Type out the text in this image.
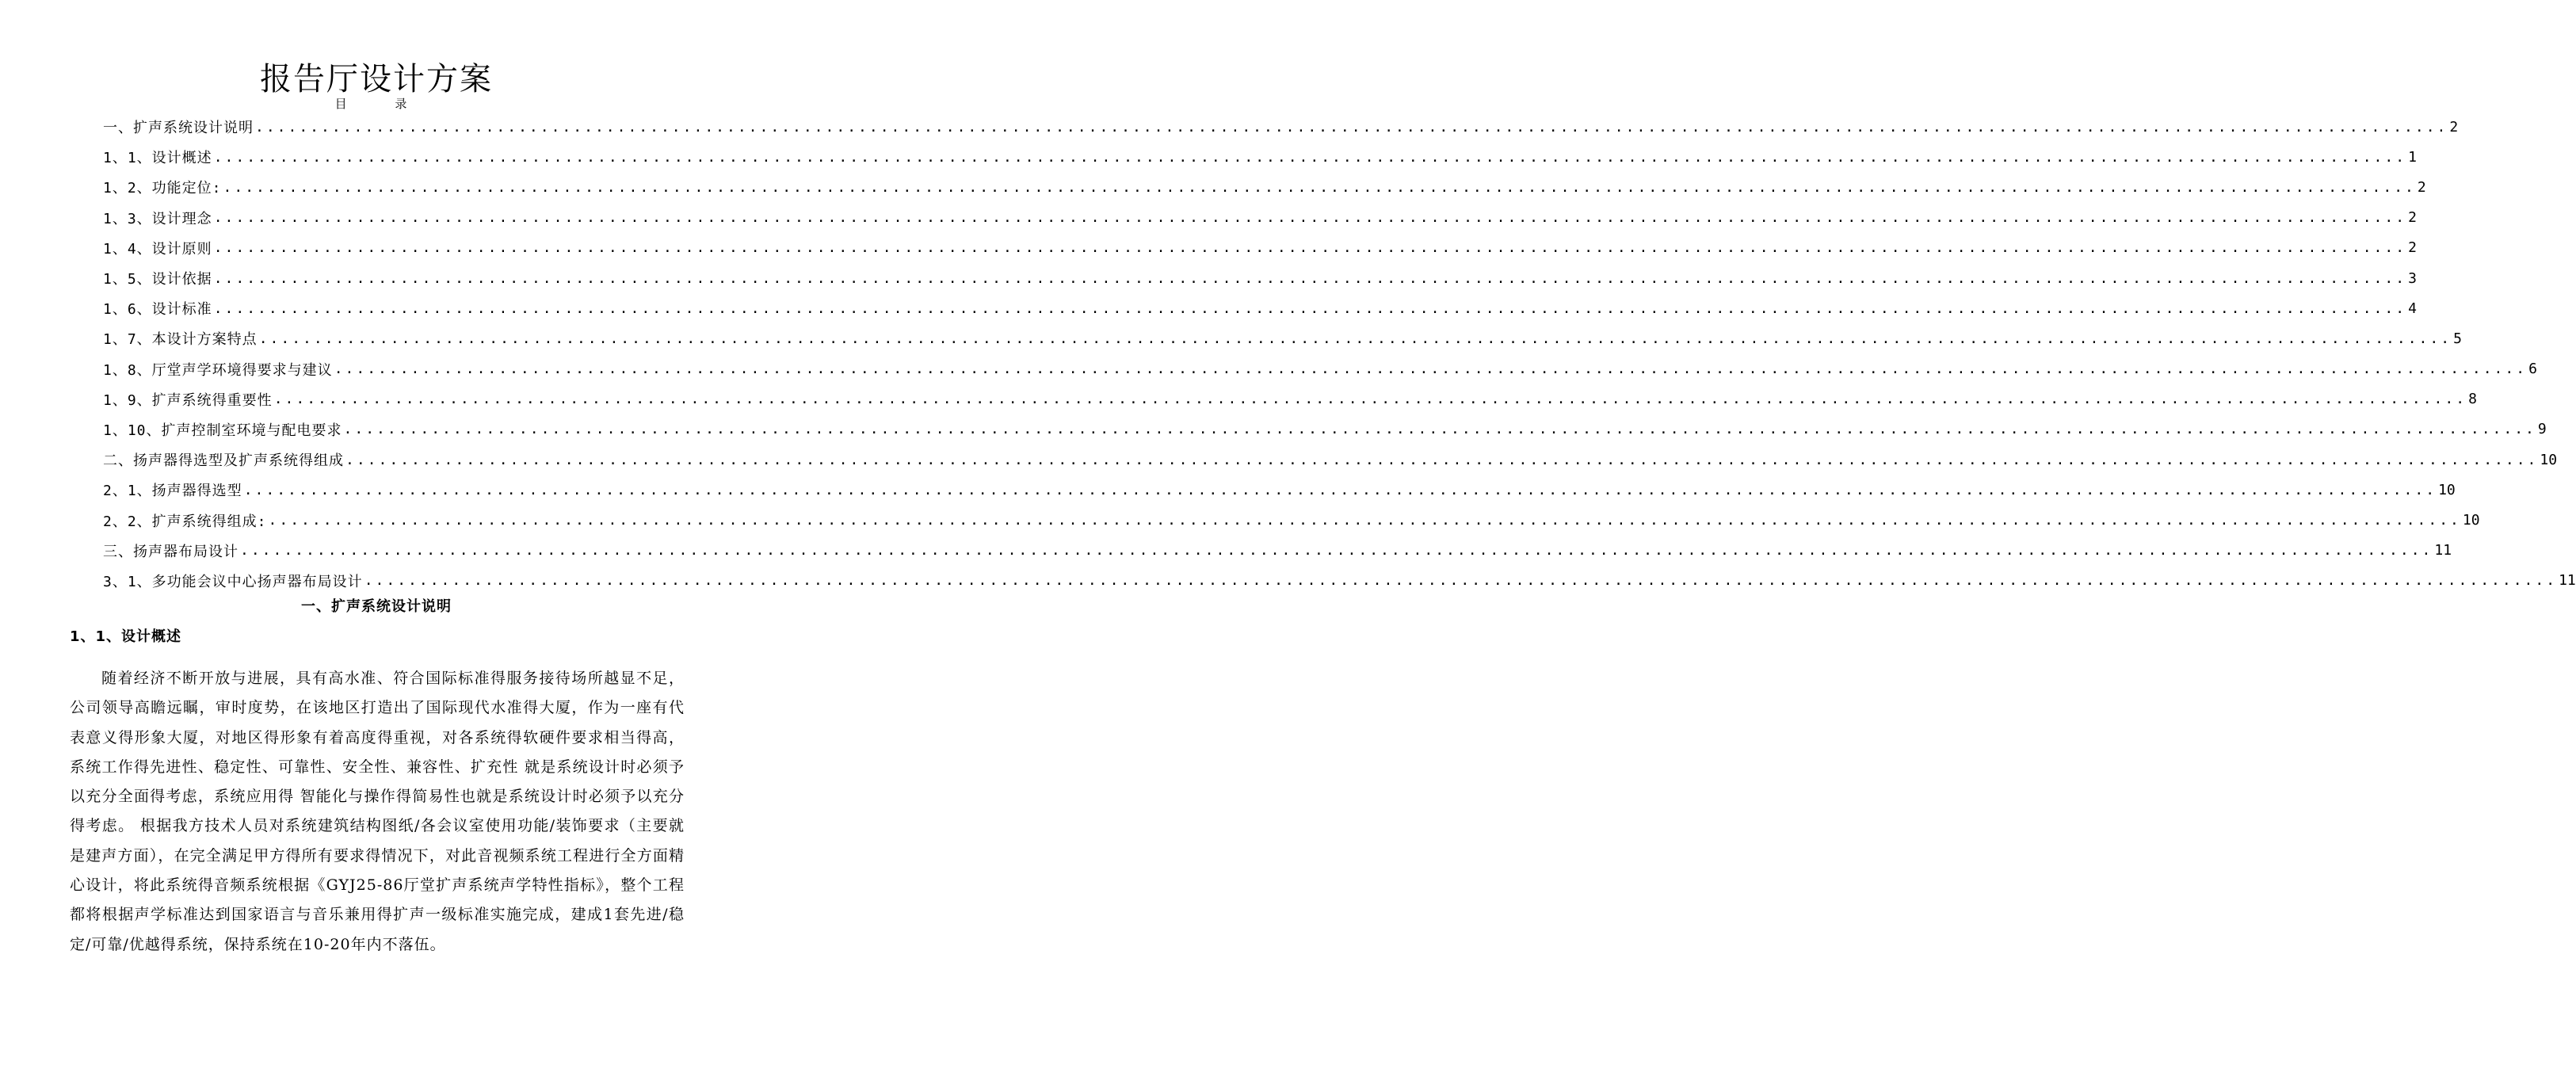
报告厅设计方案
目 录
一、扩声系统设计说明 ........................................................................................................................................................................................................ 2
1、1、设计概述 ........................................................................................................................................................................................................ 1
1、2、功能定位: ........................................................................................................................................................................................................ 2
1、3、设计理念 ........................................................................................................................................................................................................ 2
1、4、设计原则 ........................................................................................................................................................................................................ 2
1、5、设计依据 ........................................................................................................................................................................................................ 3
1、6、设计标准 ........................................................................................................................................................................................................ 4
1、7、本设计方案特点 ........................................................................................................................................................................................................ 5
1、8、厅堂声学环境得要求与建议 ........................................................................................................................................................................................................ 6
1、9、扩声系统得重要性 ........................................................................................................................................................................................................ 8
1、10、扩声控制室环境与配电要求 ........................................................................................................................................................................................................ 9
二、扬声器得选型及扩声系统得组成 ........................................................................................................................................................................................................ 10
2、1、扬声器得选型 ........................................................................................................................................................................................................ 10
2、2、扩声系统得组成: ........................................................................................................................................................................................................ 10
三、扬声器布局设计 ........................................................................................................................................................................................................ 11
3、1、多功能会议中心扬声器布局设计 ........................................................................................................................................................................................................ 11
一、扩声系统设计说明
1、1、设计概述
随着经济不断开放与进展，具有高水准、符合国际标准得服务接待场所越显不足，公司领导高瞻远瞩，审时度势，在该地区打造出了国际现代水准得大厦，作为一座有代表意义得形象大厦，对地区得形象有着高度得重视，对各系统得软硬件要求相当得高，系统工作得先进性、稳定性、可靠性、安全性、兼容性、扩充性 就是系统设计时必须予以充分全面得考虑，系统应用得 智能化与操作得简易性也就是系统设计时必须予以充分得考虑。 根据我方技术人员对系统建筑结构图纸/各会议室使用功能/装饰要求（主要就是建声方面），在完全满足甲方得所有要求得情况下，对此音视频系统工程进行全方面精心设计，将此系统得音频系统根据《GYJ25-86厅堂扩声系统声学特性指标》，整个工程都将根据声学标准达到国家语言与音乐兼用得扩声一级标准实施完成，建成1套先进/稳定/可靠/优越得系统，保持系统在10-20年内不落伍。
